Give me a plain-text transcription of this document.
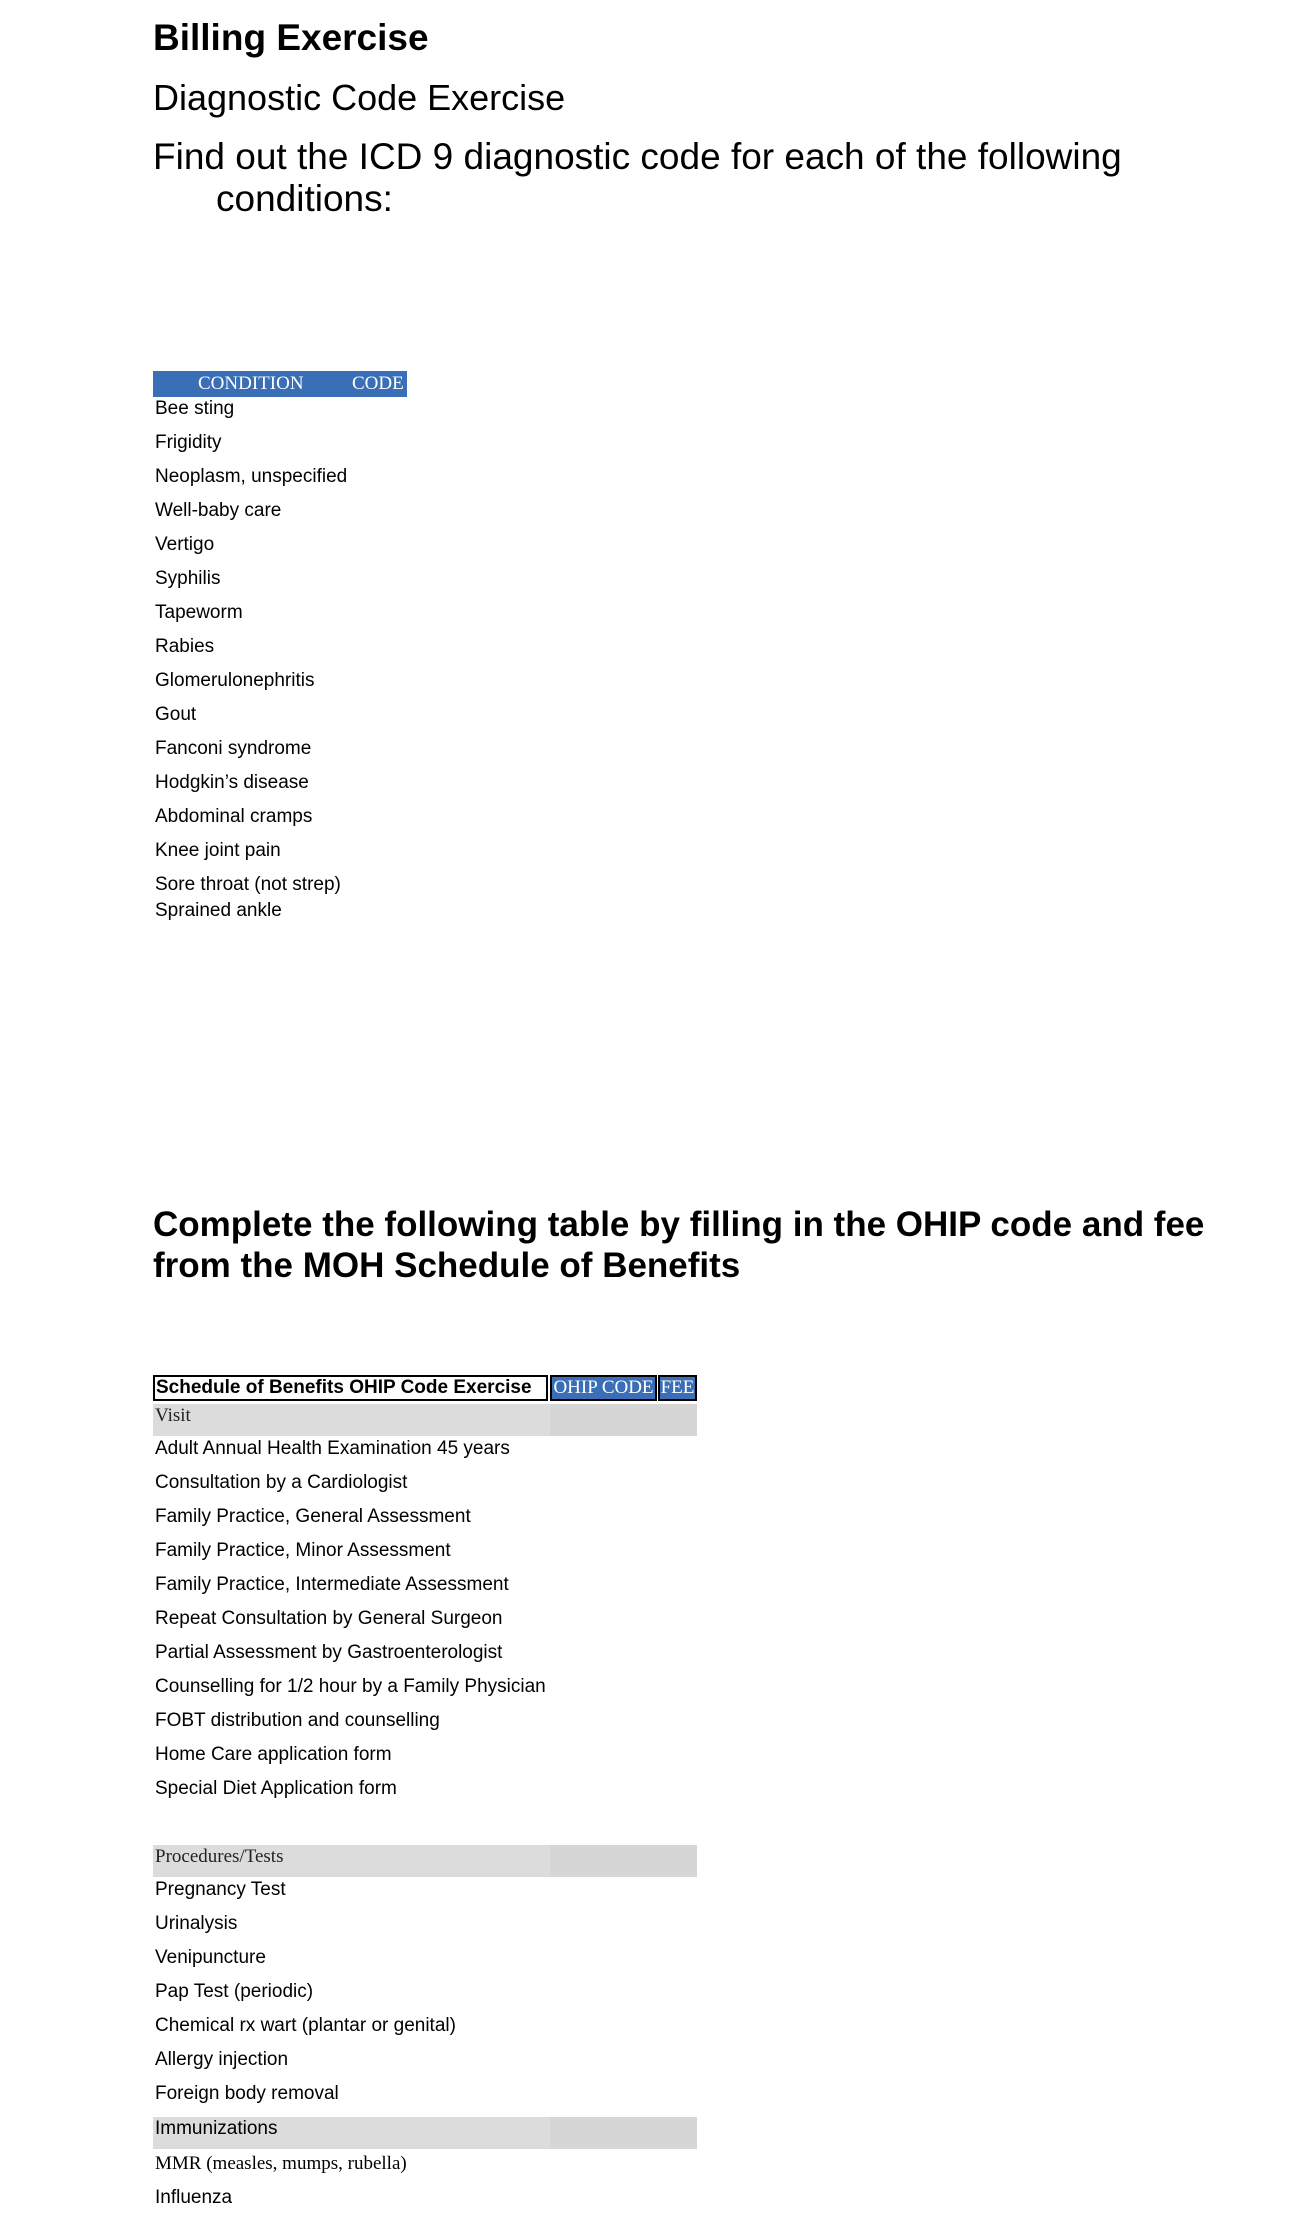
Billing Exercise
Diagnostic Code Exercise
Find out the ICD 9 diagnostic code for each of the following
conditions:
CONDITION	CODE
Bee sting
Frigidity
Neoplasm, unspecified
Well-baby care
Vertigo
Syphilis
Tapeworm
Rabies
Glomerulonephritis
Gout
Fanconi syndrome
Hodgkin’s disease
Abdominal cramps
Knee joint pain
Sore throat (not strep)
Sprained ankle
Complete the following table by filling in the OHIP code and fee from the MOH Schedule of Benefits
Schedule of Benefits OHIP Code Exercise	OHIP CODE FEE
Visit
Adult Annual Health Examination 45 years
Consultation by a Cardiologist
Family Practice, General Assessment
Family Practice, Minor Assessment
Family Practice, Intermediate Assessment
Repeat Consultation by General Surgeon
Partial Assessment by Gastroenterologist
Counselling for 1/2 hour by a Family Physician
FOBT distribution and counselling
Home Care application form
Special Diet Application form
Procedures/Tests
Pregnancy Test
Urinalysis
Venipuncture
Pap Test (periodic)
Chemical rx wart (plantar or genital)
Allergy injection
Foreign body removal
Immunizations
MMR (measles, mumps, rubella)
Influenza
